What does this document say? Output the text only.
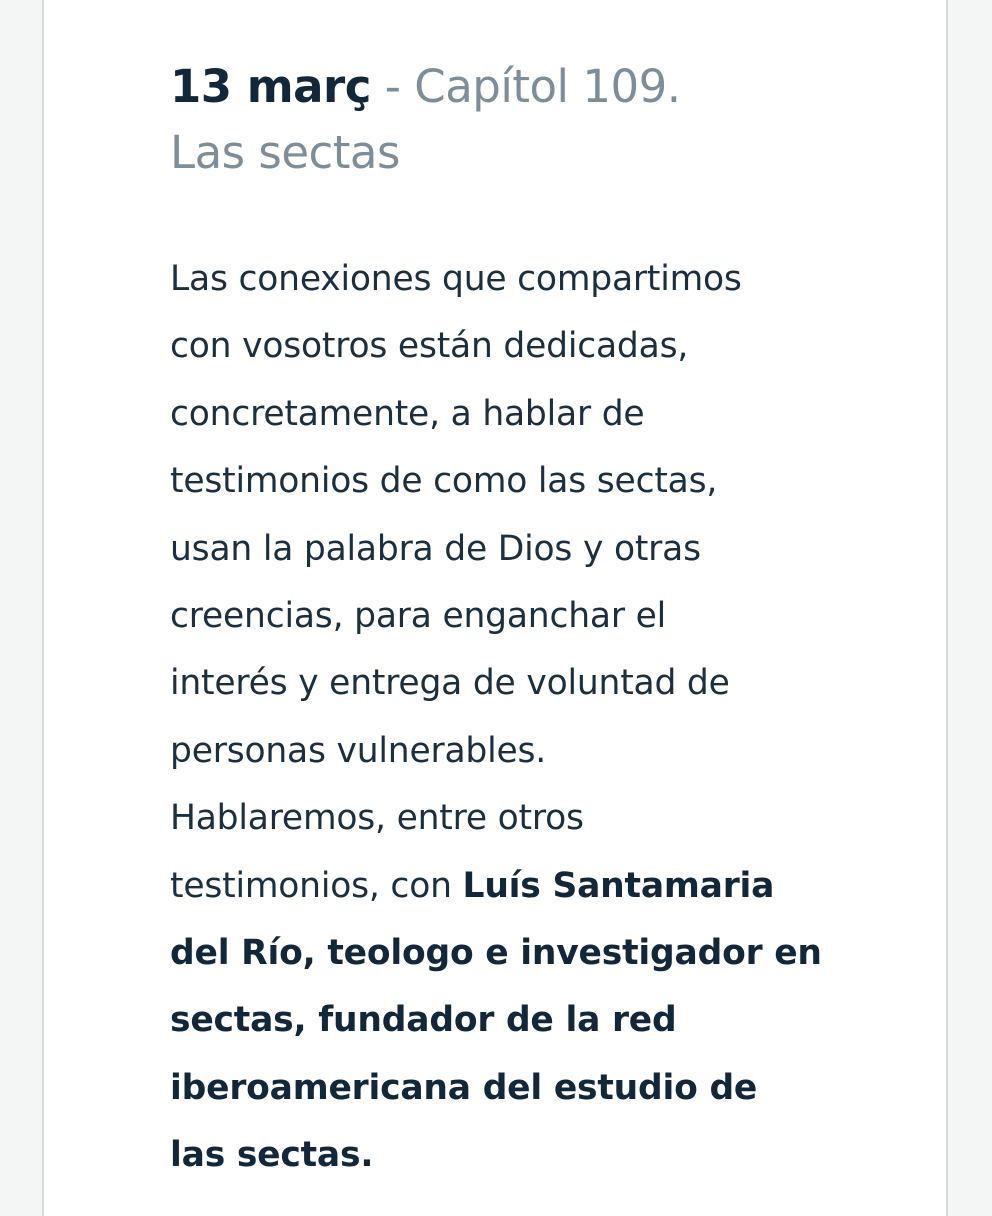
13 març - Capítol 109.
Las sectas

Las conexiones que compartimos
con vosotros están dedicadas,
concretamente, a hablar de
testimonios de como las sectas,
usan la palabra de Dios y otras
creencias, para enganchar el
interés y entrega de voluntad de
personas vulnerables.
Hablaremos, entre otros
testimonios, con Luís Santamaria
del Río, teologo e investigador en
sectas, fundador de la red
iberoamericana del estudio de
las sectas.
